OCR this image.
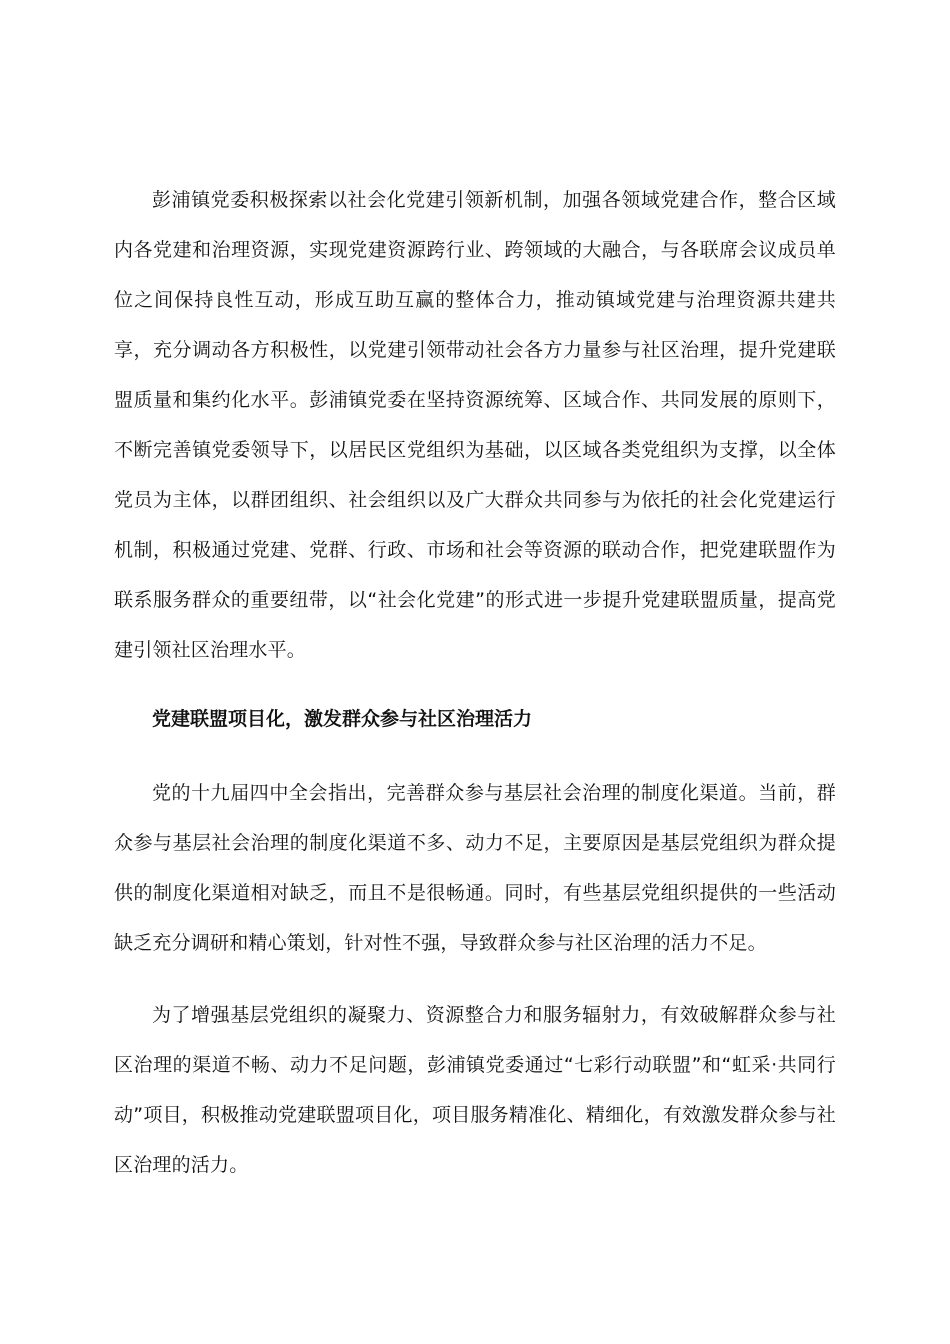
彭浦镇党委积极探索以社会化党建引领新机制，加强各领域党建合作，整合区域内各党建和治理资源，实现党建资源跨行业、跨领域的大融合，与各联席会议成员单位之间保持良性互动，形成互助互赢的整体合力，推动镇域党建与治理资源共建共享，充分调动各方积极性，以党建引领带动社会各方力量参与社区治理，提升党建联盟质量和集约化水平。彭浦镇党委在坚持资源统筹、区域合作、共同发展的原则下，不断完善镇党委领导下，以居民区党组织为基础，以区域各类党组织为支撑，以全体党员为主体，以群团组织、社会组织以及广大群众共同参与为依托的社会化党建运行机制，积极通过党建、党群、行政、市场和社会等资源的联动合作，把党建联盟作为联系服务群众的重要纽带，以“社会化党建”的形式进一步提升党建联盟质量，提高党建引领社区治理水平。

党建联盟项目化，激发群众参与社区治理活力

党的十九届四中全会指出，完善群众参与基层社会治理的制度化渠道。当前，群众参与基层社会治理的制度化渠道不多、动力不足，主要原因是基层党组织为群众提供的制度化渠道相对缺乏，而且不是很畅通。同时，有些基层党组织提供的一些活动缺乏充分调研和精心策划，针对性不强，导致群众参与社区治理的活力不足。

为了增强基层党组织的凝聚力、资源整合力和服务辐射力，有效破解群众参与社区治理的渠道不畅、动力不足问题，彭浦镇党委通过“七彩行动联盟”和“虹采·共同行动”项目，积极推动党建联盟项目化，项目服务精准化、精细化，有效激发群众参与社区治理的活力。
